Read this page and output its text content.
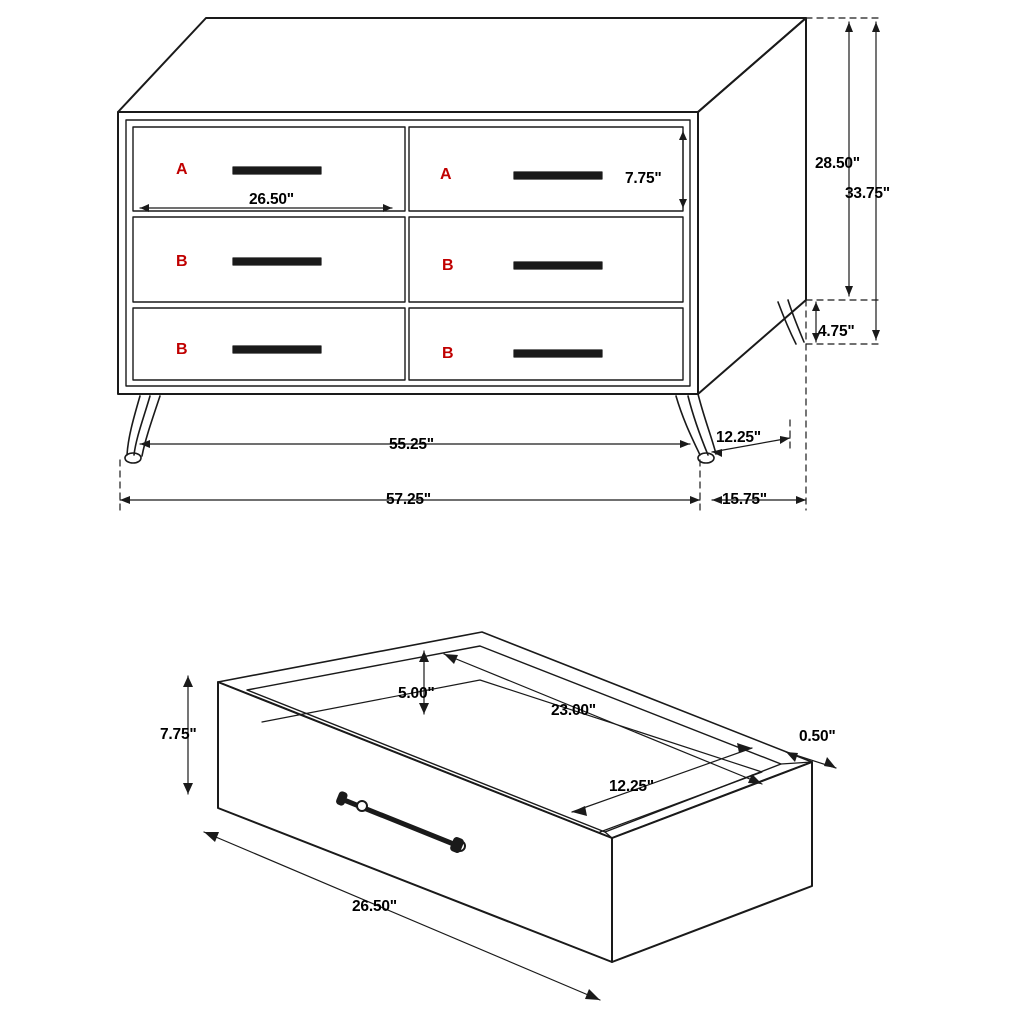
A	A
B	B
B	B
26.50"
7.75"
28.50"
33.75"
4.75"
55.25"	12.25"
57.25"	15.75"
7.75"
5.00"
23.00"
12.25"
0.50"
26.50"
